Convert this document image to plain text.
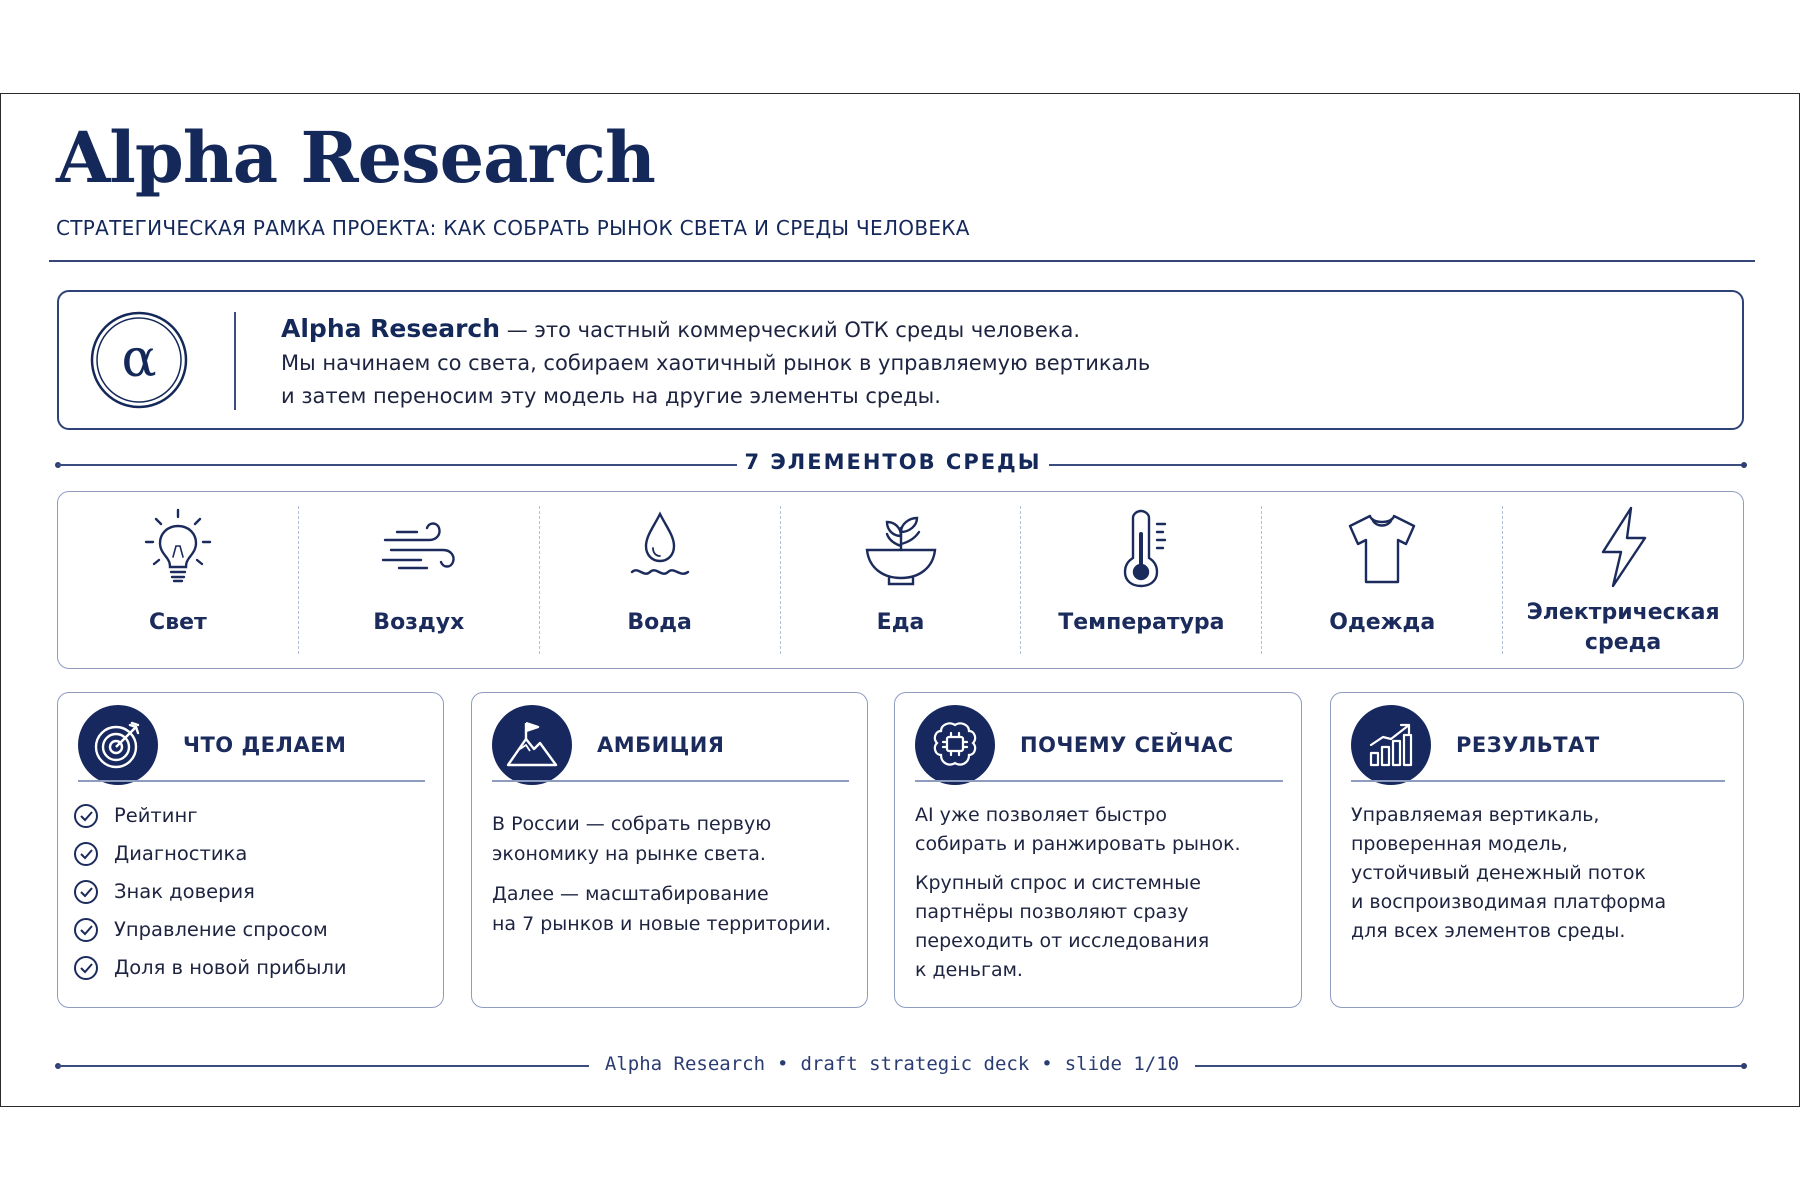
Alpha Research
СТРАТЕГИЧЕСКАЯ РАМКА ПРОЕКТА: КАК СОБРАТЬ РЫНОК СВЕТА И СРЕДЫ ЧЕЛОВЕКА
α
Alpha Research — это частный коммерческий ОТК среды человека.
Мы начинаем со света, собираем хаотичный рынок в управляемую вертикаль
и затем переносим эту модель на другие элементы среды.
7 ЭЛЕМЕНТОВ СРЕДЫ
Свет	Воздух	Вода	Еда	Температура	Одежда	Электрическая
среда
ЧТО ДЕЛАЕМ
Рейтинг
Диагностика
Знак доверия
Управление спросом
Доля в новой прибыли
АМБИЦИЯ

В России — собрать первую
экономику на рынке света.

Далее — масштабирование
на 7 рынков и новые территории.

ПОЧЕМУ СЕЙЧАС

AI уже позволяет быстро
собирать и ранжировать рынок.

Крупный спрос и системные
партнёры позволяют сразу
переходить от исследования
к деньгам.

РЕЗУЛЬТАТ
Управляемая вертикаль,
проверенная модель,
устойчивый денежный поток
и воспроизводимая платформа
для всех элементов среды.
Alpha Research • draft strategic deck • slide 1/10
